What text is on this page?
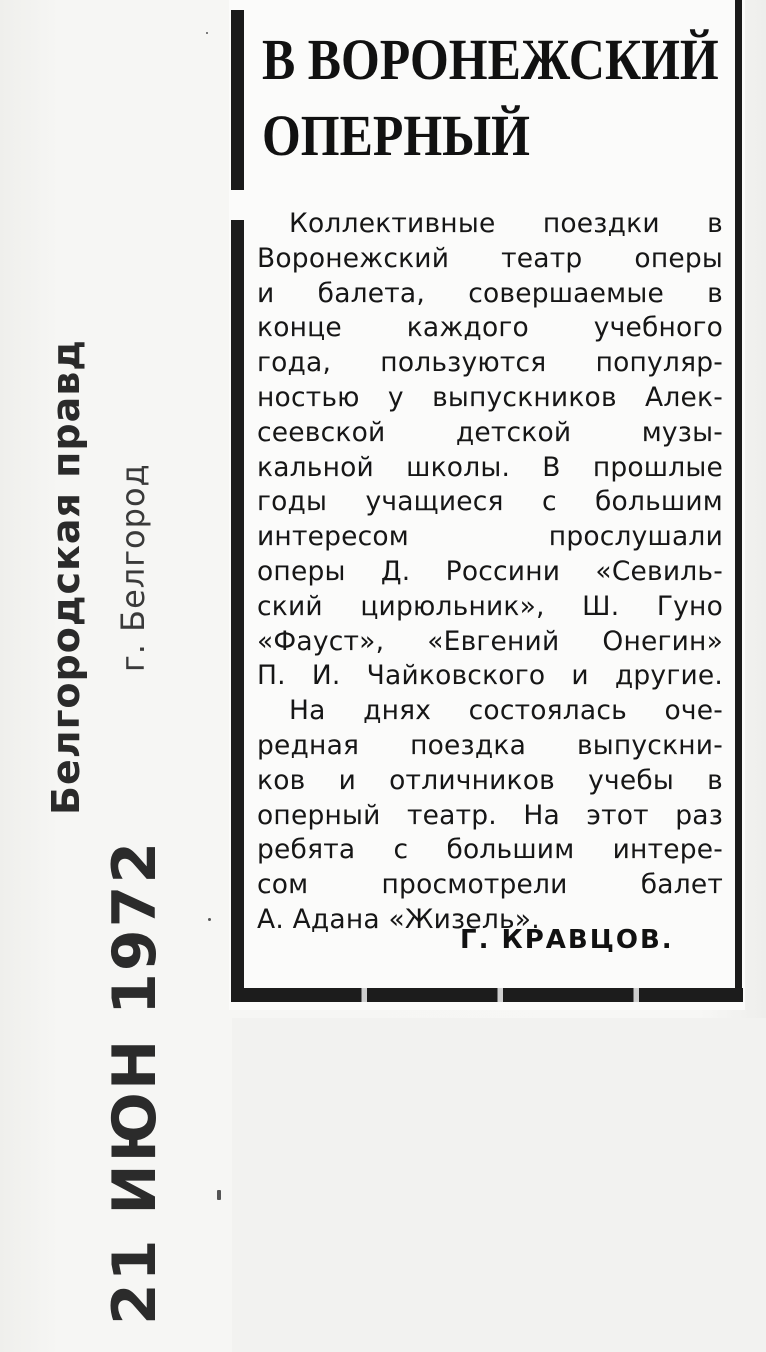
Белгородская правд г. Белгород
21 ИЮН 1972
В ВОРОНЕЖСКИЙ
ОПЕРНЫЙ
Коллективные поездки в
Воронежский театр оперы
и балета, совершаемые в
конце каждого учебного
года, пользуются популяр-
ностью у выпускников Алек-
сеевской детской музы-
кальной школы. В прошлые
годы учащиеся с большим
интересом прослушали
оперы Д. Россини «Севиль-
ский цирюльник», Ш. Гуно
«Фауст», «Евгений Онегин»
П. И. Чайковского и другие.
На днях состоялась оче-
редная поездка выпускни-
ков и отличников учебы в
оперный театр. На этот раз
ребята с большим интере-
сом просмотрели балет
А. Адана «Жизель».
Г. КРАВЦОВ.
